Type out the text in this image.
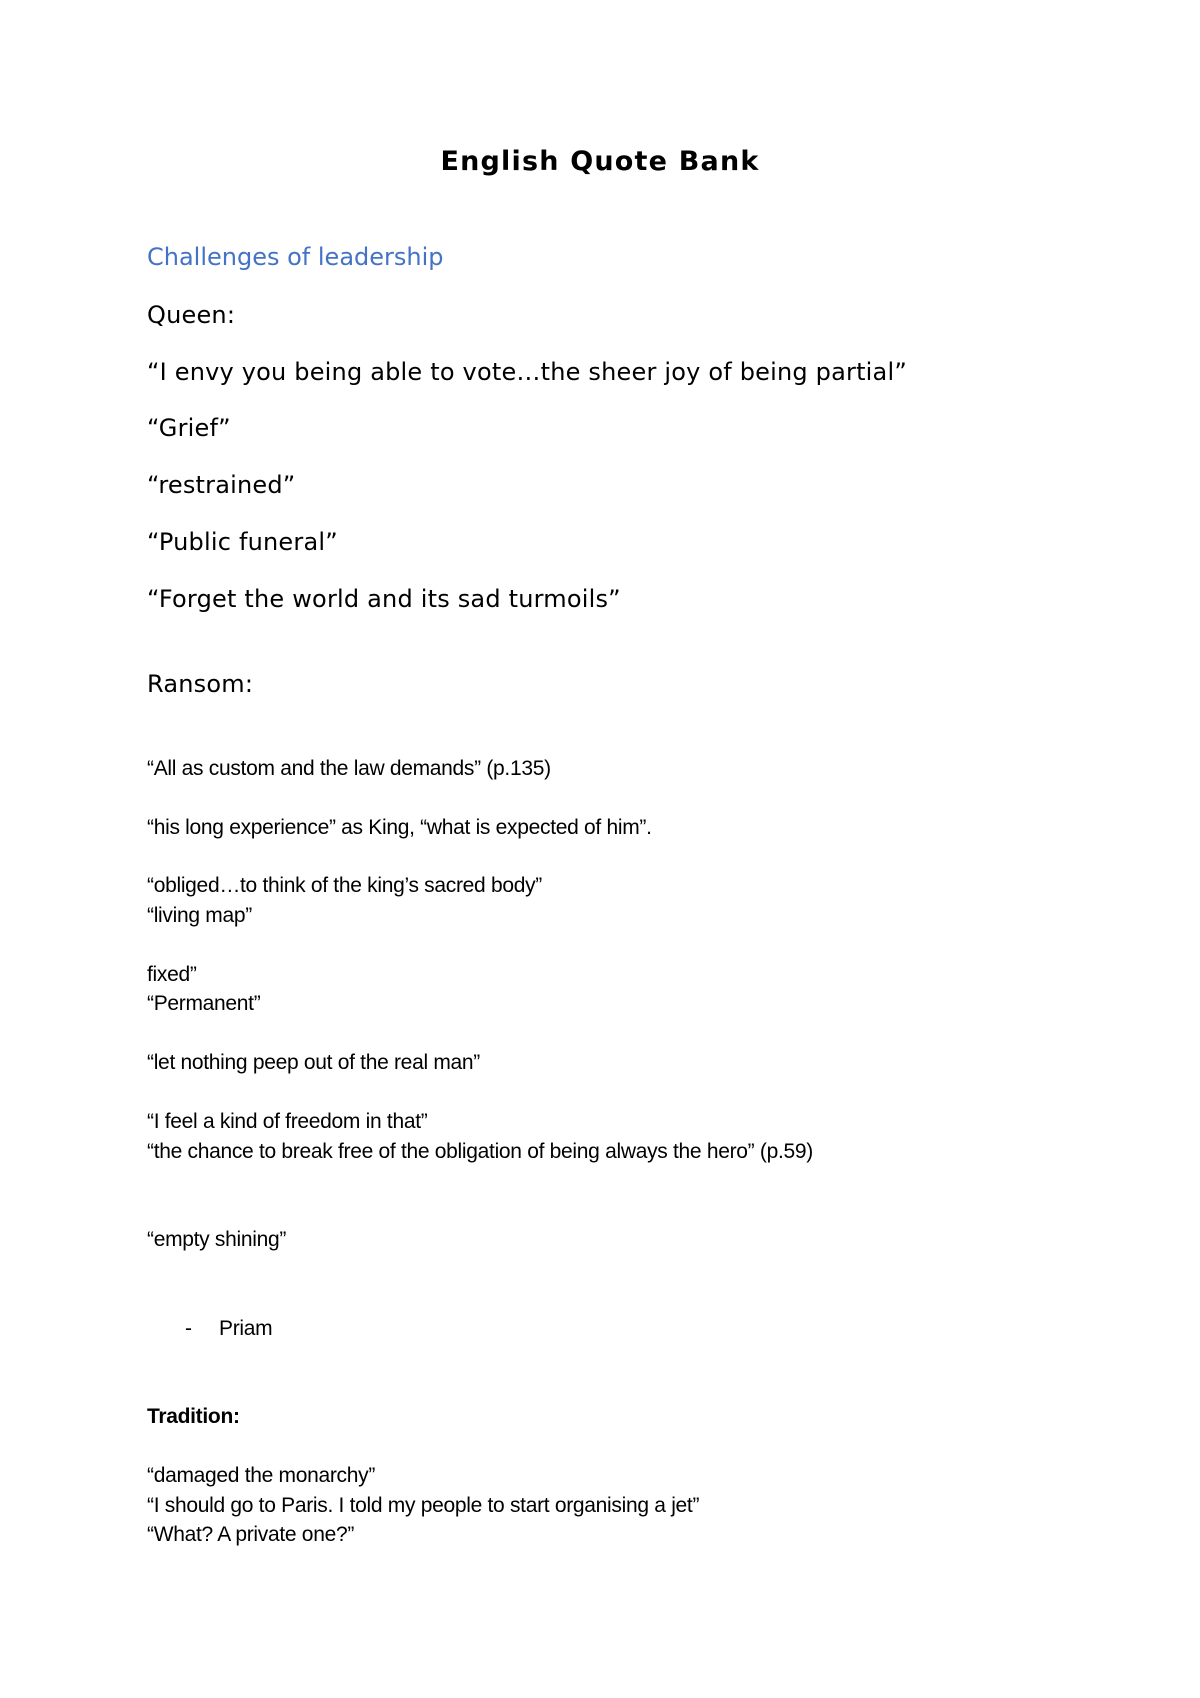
English Quote Bank

Challenges of leadership

Queen:

“I envy you being able to vote…the sheer joy of being partial”

“Grief”

“restrained”

“Public funeral”

“Forget the world and its sad turmoils”

Ransom:

“All as custom and the law demands” (p.135)

“his long experience” as King, “what is expected of him”.

“obliged…to think of the king’s sacred body”

“living map”

fixed”

“Permanent”

“let nothing peep out of the real man”

“I feel a kind of freedom in that”

“the chance to break free of the obligation of being always the hero” (p.59)

“empty shining”

- Priam

Tradition:

“damaged the monarchy”

“I should go to Paris. I told my people to start organising a jet”

“What? A private one?”
